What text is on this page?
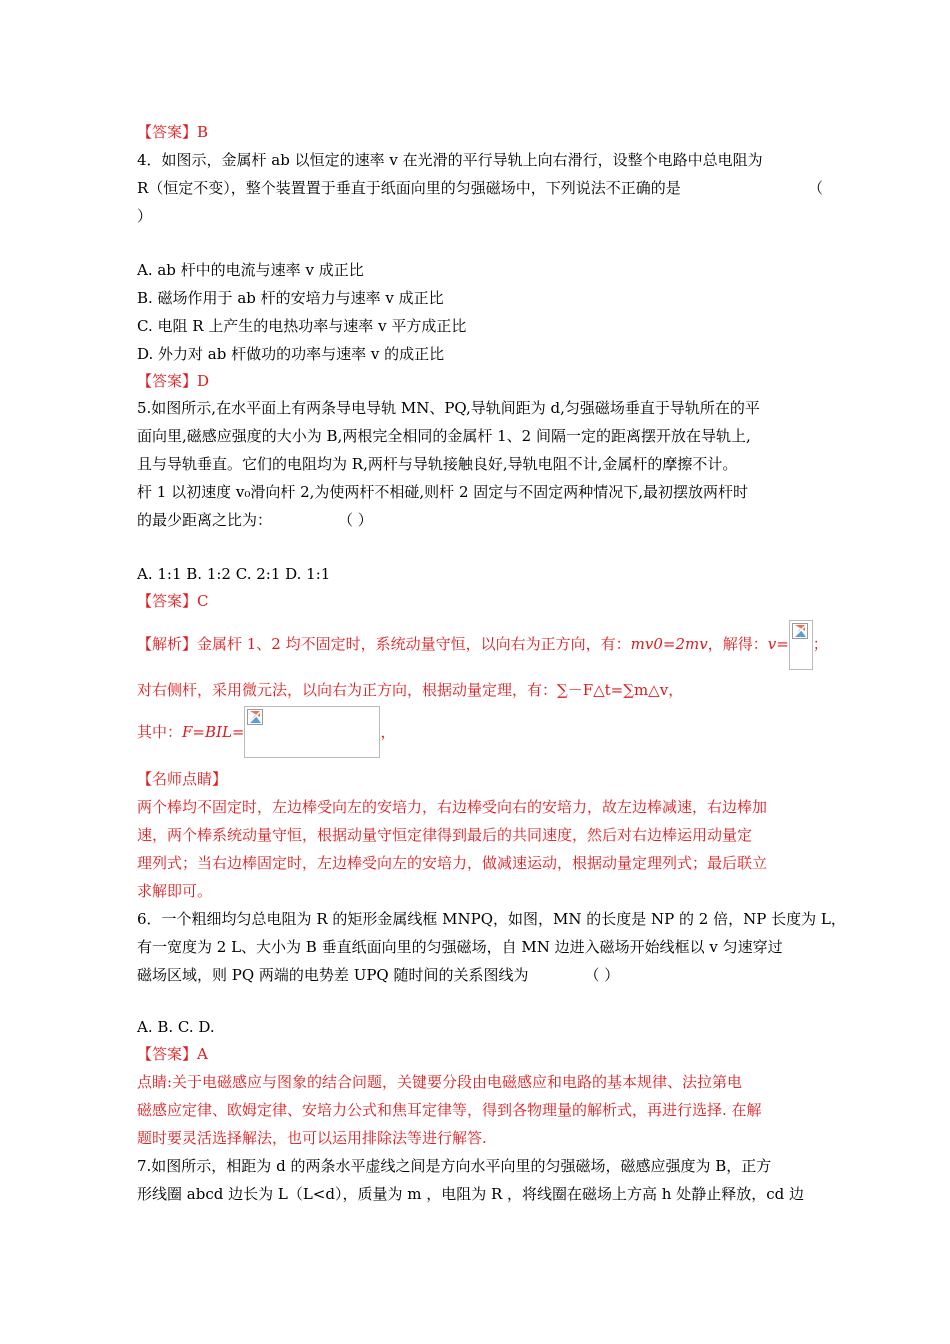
【答案】B
4．如图示，金属杆 ab 以恒定的速率 v 在光滑的平行导轨上向右滑行，设整个电路中总电阻为
R（恒定不变），整个装置置于垂直于纸面向里的匀强磁场中，下列说法不正确的是	（
）
A. ab 杆中的电流与速率 v 成正比
B. 磁场作用于 ab 杆的安培力与速率 v 成正比
C. 电阻 R 上产生的电热功率与速率 v 平方成正比
D. 外力对 ab 杆做功的功率与速率 v 的成正比
【答案】D
5.如图所示,在水平面上有两条导电导轨 MN、PQ,导轨间距为 d,匀强磁场垂直于导轨所在的平
面向里,磁感应强度的大小为 B,两根完全相同的金属杆 1、2 间隔一定的距离摆开放在导轨上,
且与导轨垂直。它们的电阻均为 R,两杆与导轨接触良好,导轨电阻不计,金属杆的摩擦不计。
杆 1 以初速度 v₀滑向杆 2,为使两杆不相碰,则杆 2 固定与不固定两种情况下,最初摆放两杆时
的最少距离之比为：	（ ）
A. 1:1 B. 1:2 C. 2:1 D. 1:1
【答案】C
【解析】金属杆 1、2 均不固定时，系统动量守恒，以向右为正方向，有：mv0=2mv，解得：v= ；
对右侧杆，采用微元法，以向右为正方向，根据动量定理，有：∑－F△t=∑m△v，
其中：F=BIL=	，
【名师点睛】
两个棒均不固定时，左边棒受向左的安培力，右边棒受向右的安培力，故左边棒减速，右边棒加
速，两个棒系统动量守恒，根据动量守恒定律得到最后的共同速度，然后对右边棒运用动量定
理列式；当右边棒固定时，左边棒受向左的安培力，做减速运动，根据动量定理列式；最后联立
求解即可。
6．一个粗细均匀总电阻为 R 的矩形金属线框 MNPQ，如图，MN 的长度是 NP 的 2 倍，NP 长度为 L，
有一宽度为 2 L、大小为 B 垂直纸面向里的匀强磁场，自 MN 边进入磁场开始线框以 v 匀速穿过
磁场区域，则 PQ 两端的电势差 UPQ 随时间的关系图线为	（ ）
A. B. C. D.
【答案】A
点睛:关于电磁感应与图象的结合问题，关键要分段由电磁感应和电路的基本规律、法拉第电
磁感应定律、欧姆定律、安培力公式和焦耳定律等，得到各物理量的解析式，再进行选择. 在解
题时要灵活选择解法，也可以运用排除法等进行解答.
7.如图所示，相距为 d 的两条水平虚线之间是方向水平向里的匀强磁场，磁感应强度为 B，正方
形线圈 abcd 边长为 L（L<d），质量为 m ，电阻为 R ，将线圈在磁场上方高 h 处静止释放，cd 边
